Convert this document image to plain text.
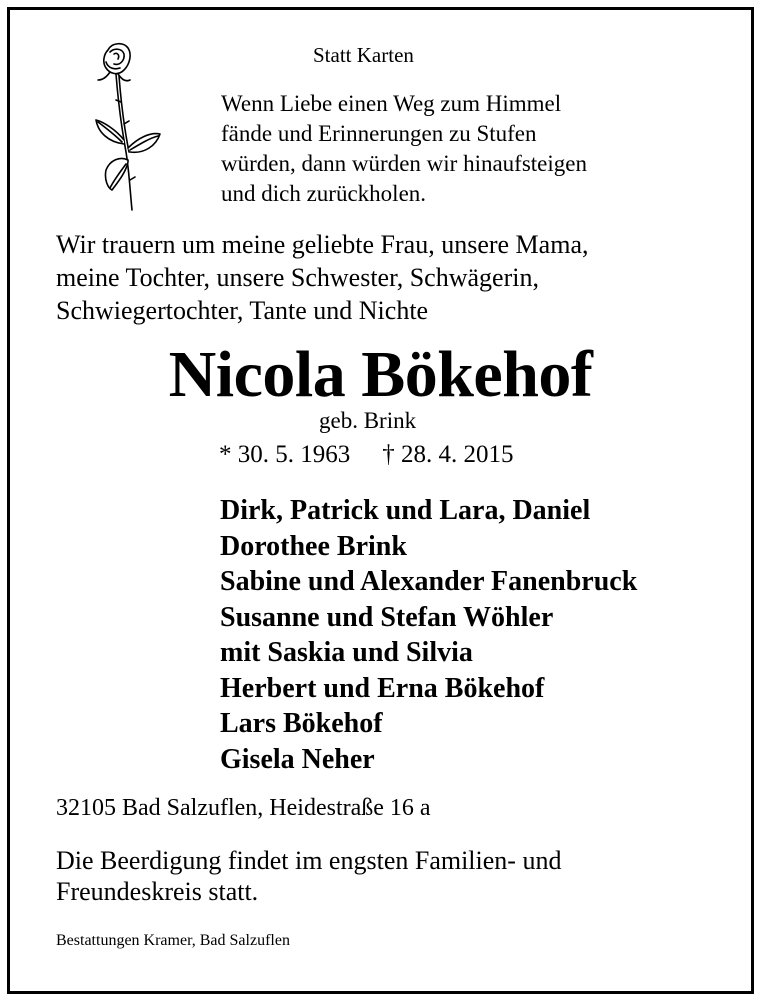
Statt Karten
Wenn Liebe einen Weg zum Himmel
fände und Erinnerungen zu Stufen
würden, dann würden wir hinaufsteigen
und dich zurückholen.
Wir trauern um meine geliebte Frau, unsere Mama,
meine Tochter, unsere Schwester, Schwägerin,
Schwiegertochter, Tante und Nichte
Nicola Bökehof
geb. Brink
* 30. 5. 1963 † 28. 4. 2015
Dirk, Patrick und Lara, Daniel
Dorothee Brink
Sabine und Alexander Fanenbruck
Susanne und Stefan Wöhler
mit Saskia und Silvia
Herbert und Erna Bökehof
Lars Bökehof
Gisela Neher
32105 Bad Salzuflen, Heidestraße 16 a
Die Beerdigung findet im engsten Familien- und
Freundeskreis statt.
Bestattungen Kramer, Bad Salzuflen
